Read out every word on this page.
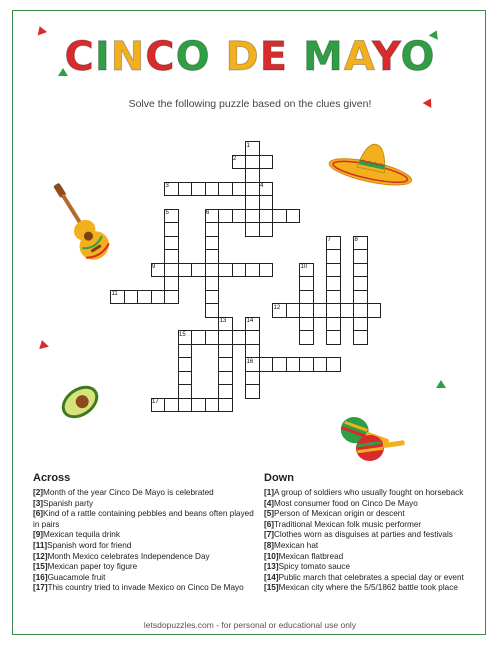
CINCO DE MAYO
Solve the following puzzle based on the clues given!
1
2
3	4
5	6
7	8
9	10
11
12
13	14
15
16
17
Across

[2]Month of the year Cinco De Mayo is celebrated

[3]Spanish party

[6]Kind of a rattle containing pebbles and beans often played in pairs

[9]Mexican tequila drink

[11]Spanish word for friend

[12]Month Mexico celebrates Independence Day

[15]Mexican paper toy figure

[16]Guacamole fruit

[17]This country tried to invade Mexico on Cinco De Mayo

Down

[1]A group of soldiers who usually fought on horseback

[4]Most consumer food on Cinco De Mayo

[5]Person of Mexican origin or descent

[6]Traditional Mexican folk music performer

[7]Clothes worn as disguises at parties and festivals

[8]Mexican hat

[10]Mexican flatbread

[13]Spicy tomato sauce

[14]Public march that celebrates a special day or event

[15]Mexican city where the 5/5/1862 battle took place

letsdopuzzles.com - for personal or educational use only
